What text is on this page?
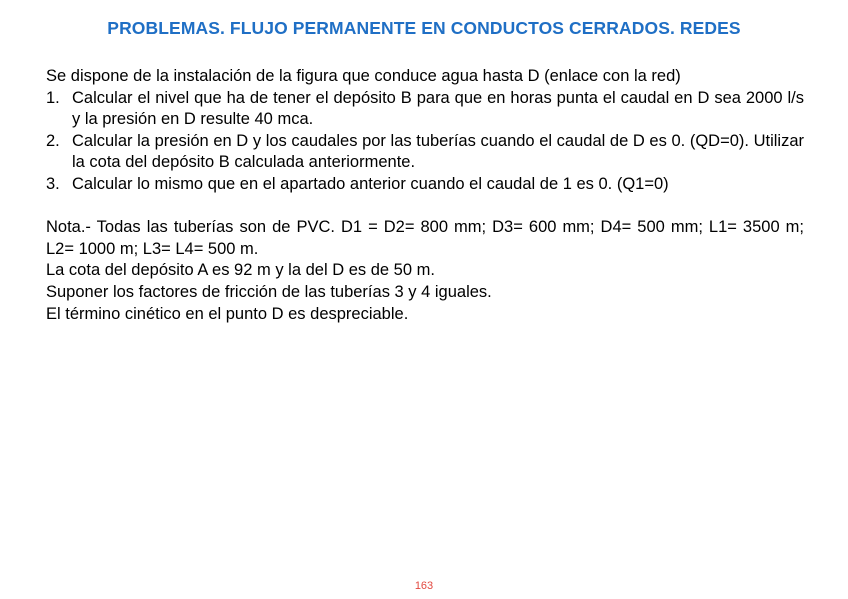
PROBLEMAS. FLUJO PERMANENTE EN CONDUCTOS CERRADOS. REDES

Se dispone de la instalación de la figura que conduce agua hasta D (enlace con la red)

1. Calcular el nivel que ha de tener el depósito B para que en horas punta el caudal en D sea 2000 l/s y la presión en D resulte 40 mca.
2. Calcular la presión en D y los caudales por las tuberías cuando el caudal de D es 0. (QD=0). Utilizar la cota del depósito B calculada anteriormente.
3. Calcular lo mismo que en el apartado anterior cuando el caudal de 1 es 0. (Q1=0)

Nota.- Todas las tuberías son de PVC. D1 = D2= 800 mm; D3= 600 mm; D4= 500 mm; L1= 3500 m; L2= 1000 m; L3= L4= 500 m.

La cota del depósito A es 92 m y la del D es de 50 m.

Suponer los factores de fricción de las tuberías 3 y 4 iguales.

El término cinético en el punto D es despreciable.

163
